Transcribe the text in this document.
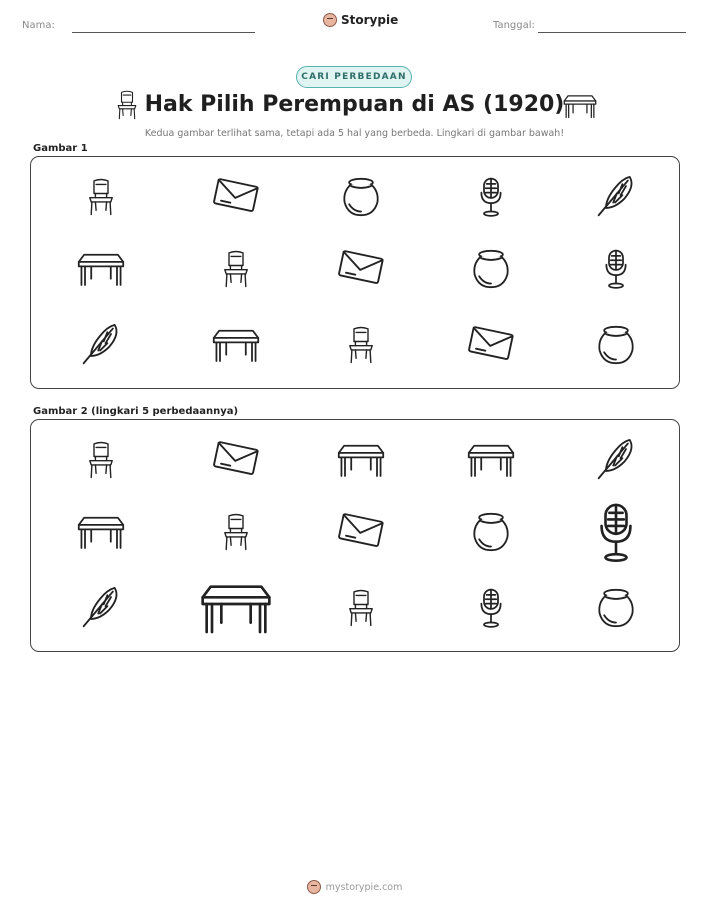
Nama:	Storypie	Tanggal:
CARI PERBEDAAN
Hak Pilih Perempuan di AS (1920)
Kedua gambar terlihat sama, tetapi ada 5 hal yang berbeda. Lingkari di gambar bawah!
Gambar 1
Gambar 2 (lingkari 5 perbedaannya)
mystorypie.com
